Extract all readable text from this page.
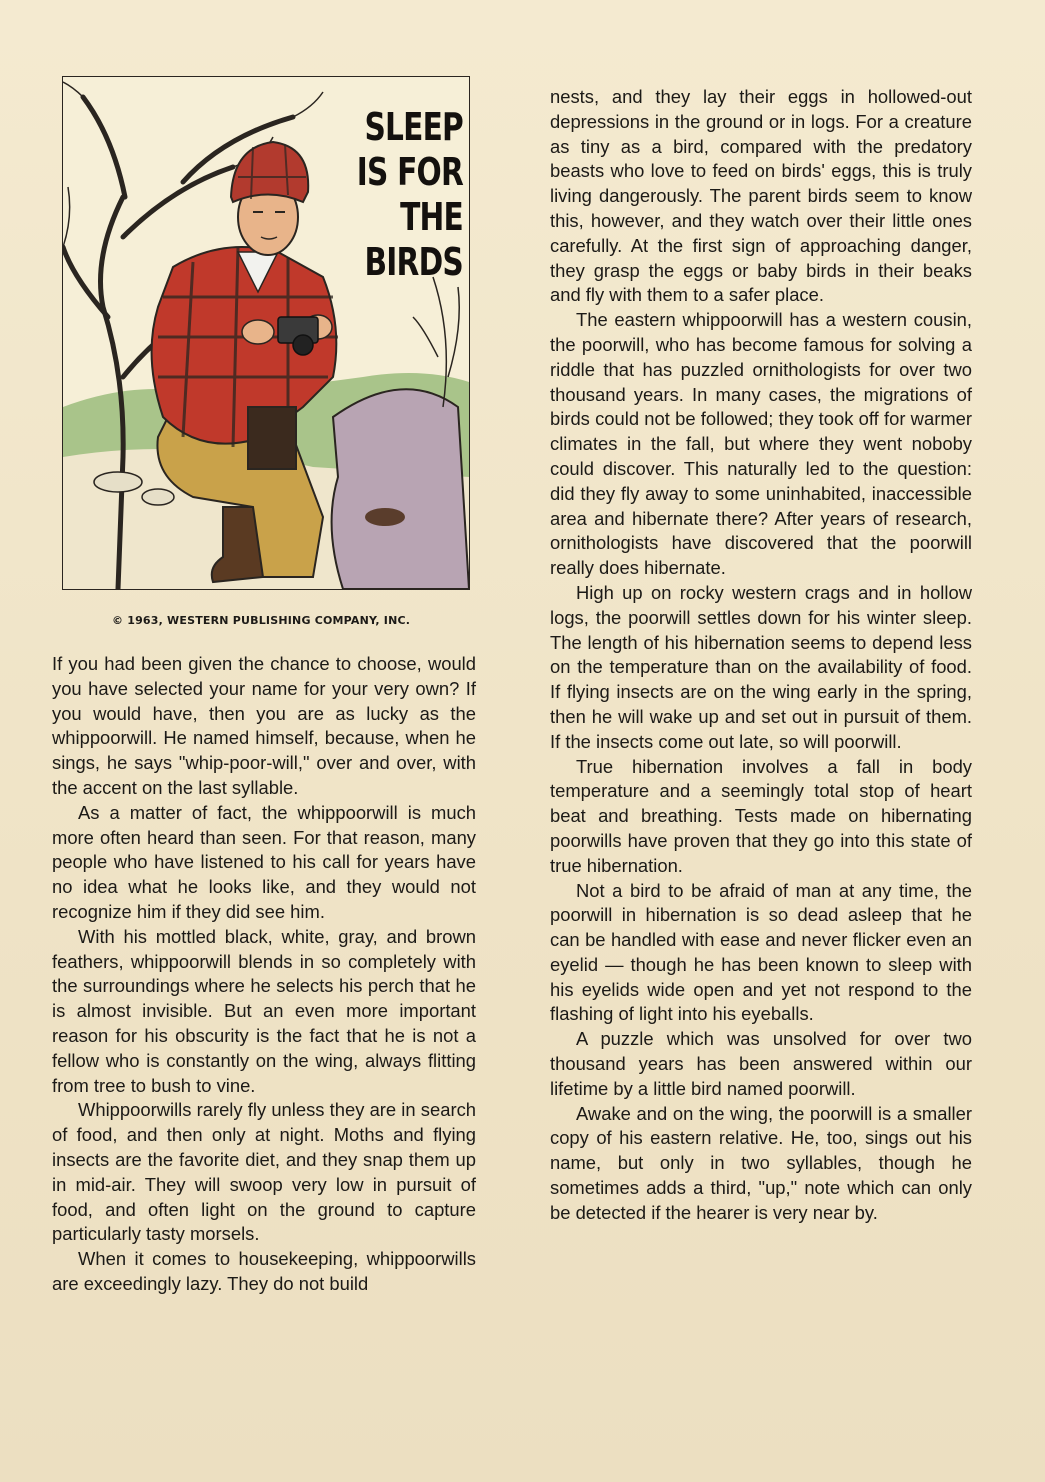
SLEEP IS FOR THE BIRDS
© 1963, WESTERN PUBLISHING COMPANY, INC.

If you had been given the chance to choose, would you have selected your name for your very own? If you would have, then you are as lucky as the whippoorwill. He named himself, because, when he sings, he says "whip-poor-will," over and over, with the accent on the last syllable.

As a matter of fact, the whippoorwill is much more often heard than seen. For that reason, many people who have listened to his call for years have no idea what he looks like, and they would not recognize him if they did see him.

With his mottled black, white, gray, and brown feathers, whippoorwill blends in so completely with the surroundings where he selects his perch that he is almost invisible. But an even more important reason for his obscurity is the fact that he is not a fellow who is constantly on the wing, always flitting from tree to bush to vine.

Whippoorwills rarely fly unless they are in search of food, and then only at night. Moths and flying insects are the favorite diet, and they snap them up in mid-air. They will swoop very low in pursuit of food, and often light on the ground to capture particularly tasty morsels.

When it comes to housekeeping, whippoorwills are exceedingly lazy. They do not build

nests, and they lay their eggs in hollowed-out depressions in the ground or in logs. For a creature as tiny as a bird, compared with the predatory beasts who love to feed on birds' eggs, this is truly living dangerously. The parent birds seem to know this, however, and they watch over their little ones carefully. At the first sign of approaching danger, they grasp the eggs or baby birds in their beaks and fly with them to a safer place.

The eastern whippoorwill has a western cousin, the poorwill, who has become famous for solving a riddle that has puzzled ornithologists for over two thousand years. In many cases, the migrations of birds could not be followed; they took off for warmer climates in the fall, but where they went noboby could discover. This naturally led to the question: did they fly away to some uninhabited, inaccessible area and hibernate there? After years of research, ornithologists have discovered that the poorwill really does hibernate.

High up on rocky western crags and in hollow logs, the poorwill settles down for his winter sleep. The length of his hibernation seems to depend less on the temperature than on the availability of food. If flying insects are on the wing early in the spring, then he will wake up and set out in pursuit of them. If the insects come out late, so will poorwill.

True hibernation involves a fall in body temperature and a seemingly total stop of heart beat and breathing. Tests made on hibernating poorwills have proven that they go into this state of true hibernation.

Not a bird to be afraid of man at any time, the poorwill in hibernation is so dead asleep that he can be handled with ease and never flicker even an eyelid — though he has been known to sleep with his eyelids wide open and yet not respond to the flashing of light into his eyeballs.

A puzzle which was unsolved for over two thousand years has been answered within our lifetime by a little bird named poorwill.

Awake and on the wing, the poorwill is a smaller copy of his eastern relative. He, too, sings out his name, but only in two syllables, though he sometimes adds a third, "up," note which can only be detected if the hearer is very near by.
